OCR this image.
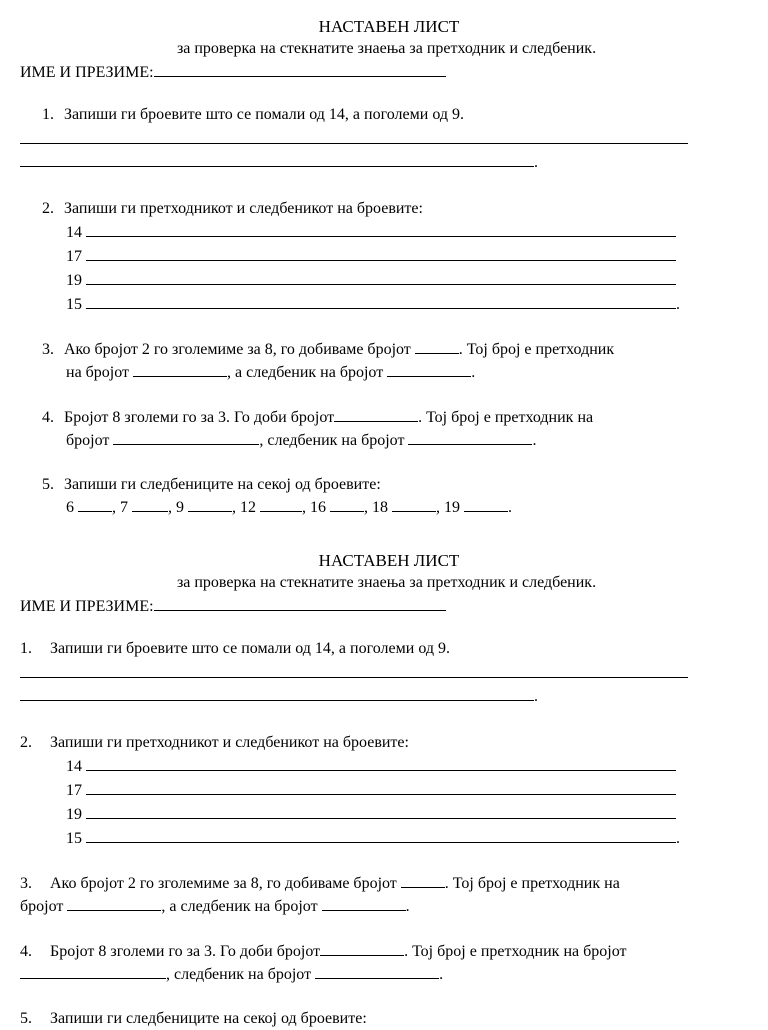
НАСТАВЕН ЛИСТ
за проверка на стекнатите знаења за претходник и следбеник.
ИМЕ И ПРЕЗИМЕ:
1. Запиши ги броевите што се помали од 14, а поголеми од 9.
.
2. Запиши ги претходникот и следбеникот на броевите:
14
17
19
15	.
3. Ако бројот 2 го зголемиме за 8, го добиваме бројот	. Тој број е претходник
на бројот	, а следбеник на бројот	.
4. Бројот 8 зголеми го за 3. Го доби бројот	. Тој број е претходник на
бројот	, следбеник на бројот	.
5. Запиши ги следбениците на секој од броевите:
6 , 7	, 9	, 12	, 16 , 18	, 19	.
НАСТАВЕН ЛИСТ
за проверка на стекнатите знаења за претходник и следбеник.
ИМЕ И ПРЕЗИМЕ:
1. Запиши ги броевите што се помали од 14, а поголеми од 9.
.
2. Запиши ги претходникот и следбеникот на броевите:
14
17
19
15	.
3. Ако бројот 2 го зголемиме за 8, го добиваме бројот	. Тој број е претходник на
бројот	, а следбеник на бројот	.
4. Бројот 8 зголеми го за 3. Го доби бројот	. Тој број е претходник на бројот
, следбеник на бројот	.
5. Запиши ги следбениците на секој од броевите:
